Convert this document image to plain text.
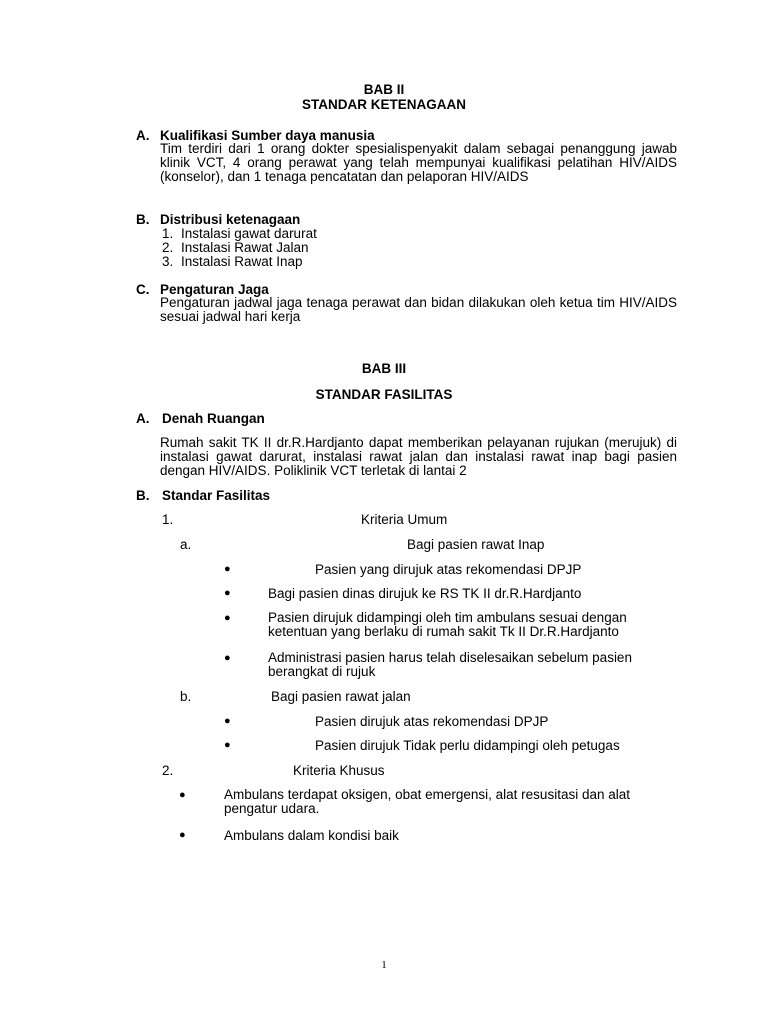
BAB II
STANDAR KETENAGAAN
A. Kualifikasi Sumber daya manusia
Tim terdiri dari 1 orang dokter spesialispenyakit dalam sebagai penanggung jawab klinik VCT, 4 orang perawat yang telah mempunyai kualifikasi pelatihan HIV/AIDS (konselor), dan 1 tenaga pencatatan dan pelaporan HIV/AIDS
B. Distribusi ketenagaan
1. Instalasi gawat darurat
2. Instalasi Rawat Jalan
3. Instalasi Rawat Inap
C. Pengaturan Jaga
Pengaturan jadwal jaga tenaga perawat dan bidan dilakukan oleh ketua tim HIV/AIDS sesuai jadwal hari kerja
BAB III
STANDAR FASILITAS
A. Denah Ruangan
Rumah sakit TK II dr.R.Hardjanto dapat memberikan pelayanan rujukan (merujuk) di instalasi gawat darurat, instalasi rawat jalan dan instalasi rawat inap bagi pasien dengan HIV/AIDS. Poliklinik VCT terletak di lantai 2
B. Standar Fasilitas
1.	Kriteria Umum
a.	Bagi pasien rawat Inap
●	Pasien yang dirujuk atas rekomendasi DPJP
●	Bagi pasien dinas dirujuk ke RS TK II dr.R.Hardjanto
●	Pasien dirujuk didampingi oleh tim ambulans sesuai dengan ketentuan yang berlaku di rumah sakit Tk II Dr.R.Hardjanto
●	Administrasi pasien harus telah diselesaikan sebelum pasien berangkat di rujuk
b.	Bagi pasien rawat jalan
●	Pasien dirujuk atas rekomendasi DPJP
●	Pasien dirujuk Tidak perlu didampingi oleh petugas
2.	Kriteria Khusus
●	Ambulans terdapat oksigen, obat emergensi, alat resusitasi dan alat pengatur udara.
●	Ambulans dalam kondisi baik
1
